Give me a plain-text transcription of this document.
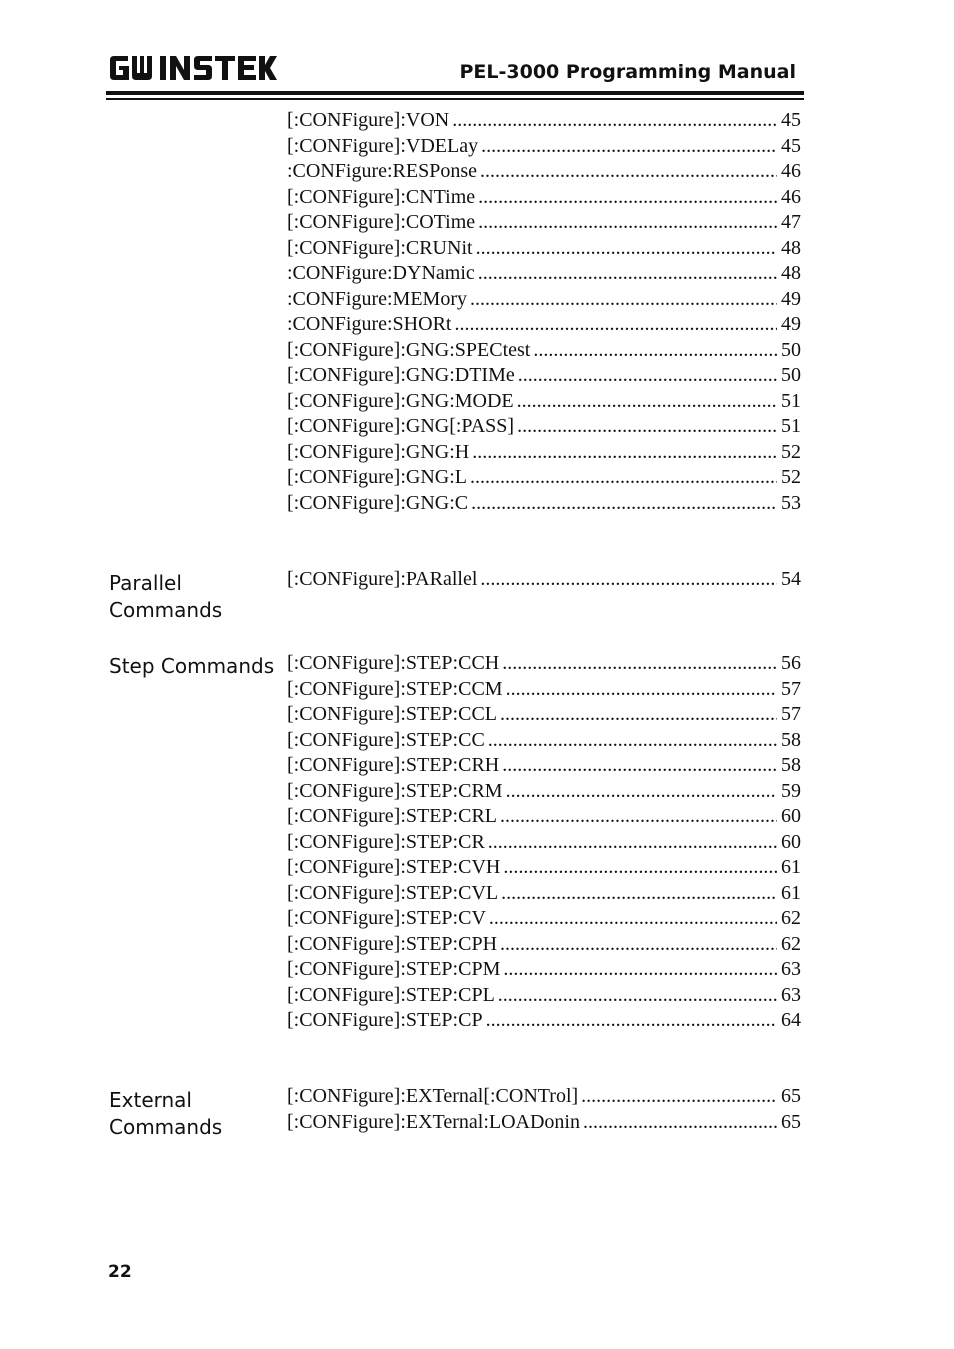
PEL-3000 Programming Manual
[:CONFigure]:VON .....	45
[:CONFigure]:VDELay .....	45
:CONFigure:RESPonse .....	46
[:CONFigure]:CNTime .....	46
[:CONFigure]:COTime .....	47
[:CONFigure]:CRUNit .....	48
:CONFigure:DYNamic .....	48
:CONFigure:MEMory .....	49
:CONFigure:SHORt .....	49
[:CONFigure]:GNG:SPECtest .....	50
[:CONFigure]:GNG:DTIMe .....	50
[:CONFigure]:GNG:MODE .....	51
[:CONFigure]:GNG[:PASS] .....	51
[:CONFigure]:GNG:H .....	52
[:CONFigure]:GNG:L .....	52
[:CONFigure]:GNG:C .....	53
Parallel Commands
[:CONFigure]:PARallel .....	54
Step Commands [:CONFigure]:STEP:CCH .....	56
[:CONFigure]:STEP:CCM .....	57
[:CONFigure]:STEP:CCL .....	57
[:CONFigure]:STEP:CC .....	58
[:CONFigure]:STEP:CRH .....	58
[:CONFigure]:STEP:CRM .....	59
[:CONFigure]:STEP:CRL .....	60
[:CONFigure]:STEP:CR .....	60
[:CONFigure]:STEP:CVH .....	61
[:CONFigure]:STEP:CVL .....	61
[:CONFigure]:STEP:CV .....	62
[:CONFigure]:STEP:CPH .....	62
[:CONFigure]:STEP:CPM .....	63
[:CONFigure]:STEP:CPL .....	63
[:CONFigure]:STEP:CP .....	64
External Commands
[:CONFigure]:EXTernal[:CONTrol] .....	65
[:CONFigure]:EXTernal:LOADonin .....	65
22
